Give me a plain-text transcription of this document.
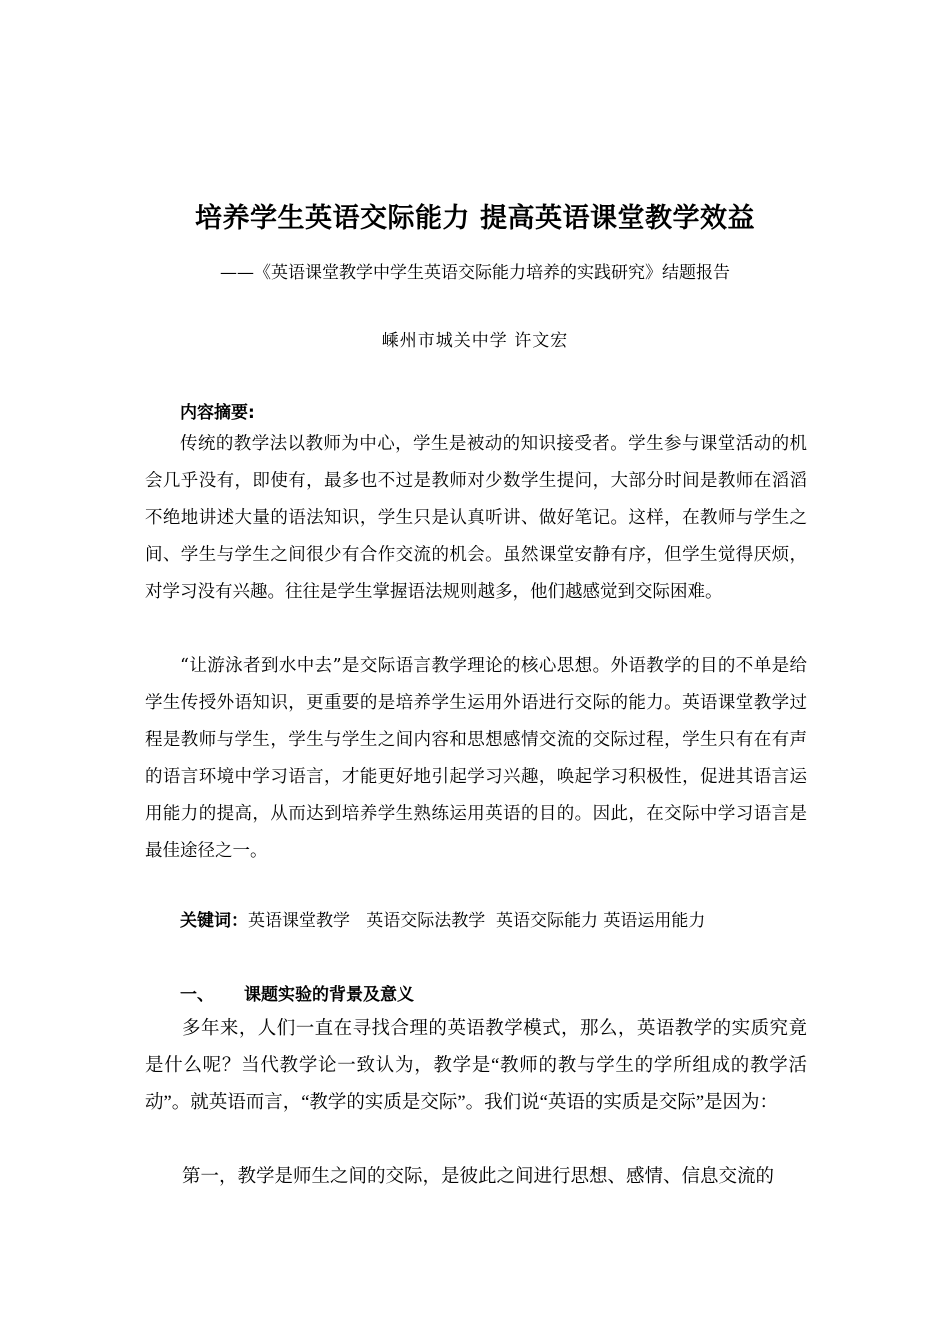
培养学生英语交际能力 提高英语课堂教学效益
——《英语课堂教学中学生英语交际能力培养的实践研究》结题报告
嵊州市城关中学 许文宏
内容摘要:

传统的教学法以教师为中心，学生是被动的知识接受者。学生参与课堂活动的机会几乎没有，即使有，最多也不过是教师对少数学生提问，大部分时间是教师在滔滔不绝地讲述大量的语法知识，学生只是认真听讲、做好笔记。这样，在教师与学生之间、学生与学生之间很少有合作交流的机会。虽然课堂安静有序，但学生觉得厌烦，对学习没有兴趣。往往是学生掌握语法规则越多，他们越感觉到交际困难。

“让游泳者到水中去”是交际语言教学理论的核心思想。外语教学的目的不单是给学生传授外语知识，更重要的是培养学生运用外语进行交际的能力。英语课堂教学过程是教师与学生，学生与学生之间内容和思想感情交流的交际过程，学生只有在有声的语言环境中学习语言，才能更好地引起学习兴趣，唤起学习积极性，促进其语言运用能力的提高，从而达到培养学生熟练运用英语的目的。因此，在交际中学习语言是最佳途径之一。

关键词：英语课堂教学   英语交际法教学  英语交际能力 英语运用能力
一、 课题实验的背景及意义

多年来，人们一直在寻找合理的英语教学模式，那么，英语教学的实质究竟是什么呢？当代教学论一致认为，教学是“教师的教与学生的学所组成的教学活动”。就英语而言，“教学的实质是交际”。我们说“英语的实质是交际”是因为：

第一，教学是师生之间的交际，是彼此之间进行思想、感情、信息交流的
